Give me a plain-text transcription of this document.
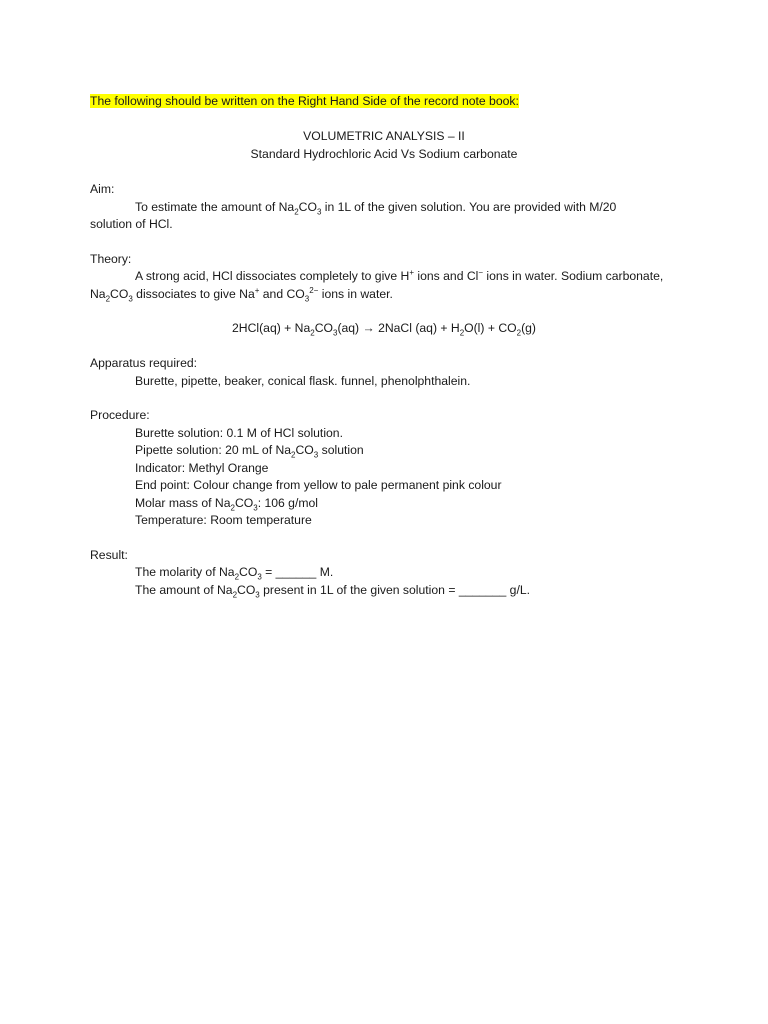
The following should be written on the Right Hand Side of the record note book:
VOLUMETRIC ANALYSIS – II
Standard Hydrochloric Acid Vs Sodium carbonate
Aim:
To estimate the amount of $Na_2CO_3$ in 1L of the given solution. You are provided with M/20
solution of HCl.
Theory:
A strong acid, HCl dissociates completely to give H+ ions and Cl− ions in water. Sodium carbonate,
$Na_2CO_3$ dissociates to give Na+ and $CO_3^{2-}$ ions in water.
$2HCl(aq) + Na_2CO_3(aq)$ → 2NaCl $(aq) + H_2O(l) + CO_2(g)$
Apparatus required:
Burette, pipette, beaker, conical flask. funnel, phenolphthalein.
Procedure:
Burette solution: 0.1 M of HCl solution.
Pipette solution: 20 mL of $Na_2CO_3$ solution
Indicator: Methyl Orange
End point: Colour change from yellow to pale permanent pink colour
Molar mass of $Na_2CO_3$: 106 g/mol
Temperature: Room temperature
Result:
The molarity of $Na_2CO_3$ = ______ M.
The amount of $Na_2CO_3$ present in 1L of the given solution = _______ g/L.
